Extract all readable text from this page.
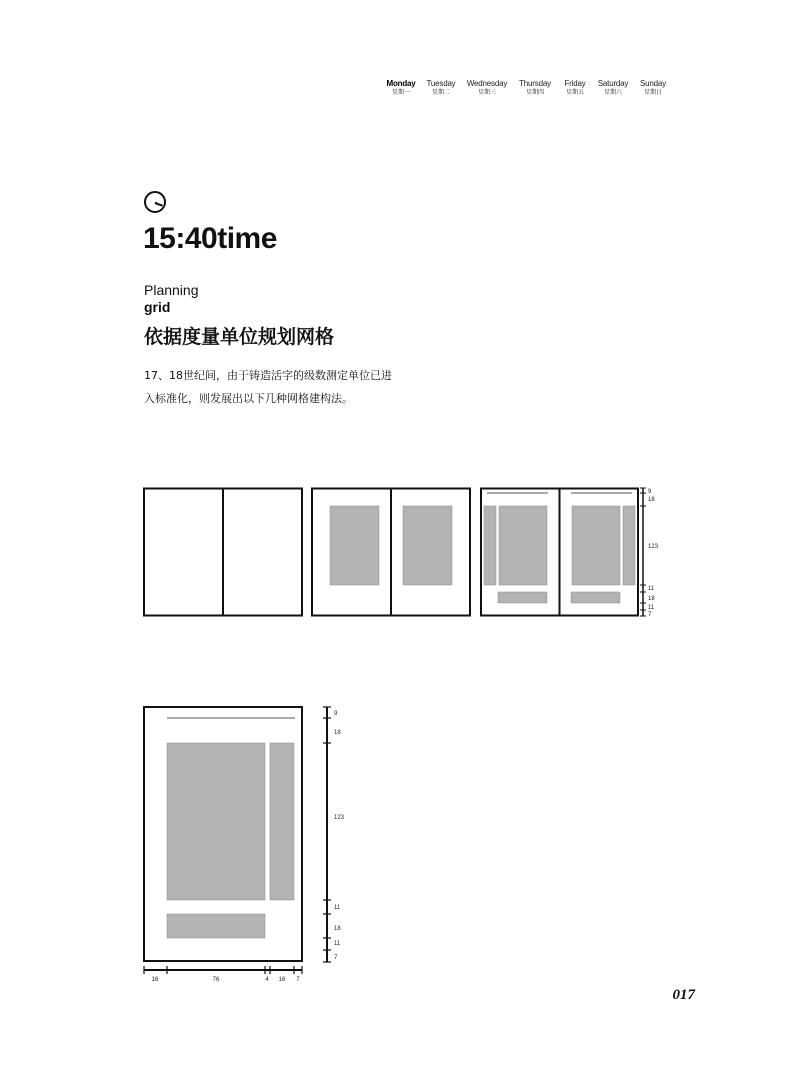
Monday
星期一
Tuesday
星期二
Wednesday
星期三
Thursday
星期四
Friday
星期五
Saturday
星期六
Sunday
星期日
15:40time
Planning
grid
依据度量单位规划网格
17、18世纪间，由于铸造活字的级数测定单位已进
入标准化，则发展出以下几种网格建构法。
9
18
123
11
18
11
7
9
18
123
11
18
11
7
16	76	4 16 7
017
